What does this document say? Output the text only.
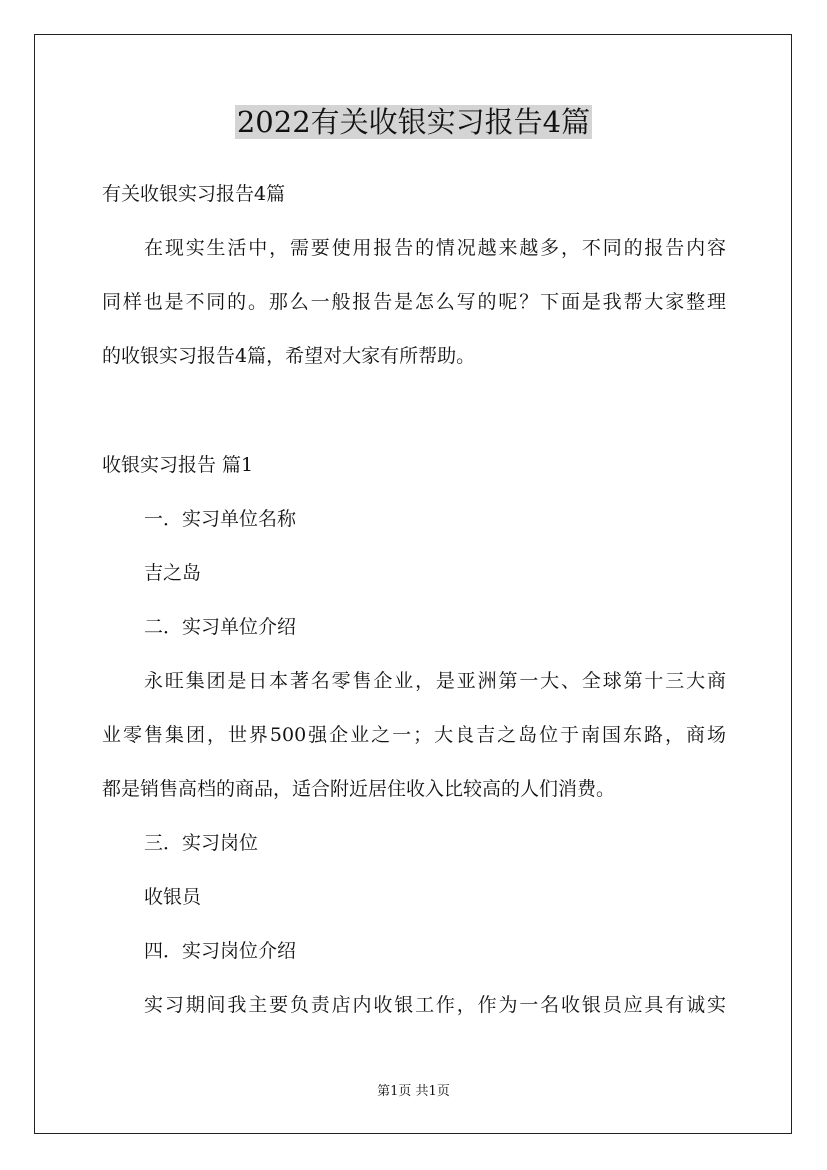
2022有关收银实习报告4篇
有关收银实习报告4篇
在现实生活中，需要使用报告的情况越来越多，不同的报告内容
同样也是不同的。那么一般报告是怎么写的呢？下面是我帮大家整理
的收银实习报告4篇，希望对大家有所帮助。
收银实习报告 篇1
一．实习单位名称
吉之岛
二．实习单位介绍
永旺集团是日本著名零售企业，是亚洲第一大、全球第十三大商
业零售集团，世界500强企业之一；大良吉之岛位于南国东路，商场
都是销售高档的商品，适合附近居住收入比较高的人们消费。
三．实习岗位
收银员
四．实习岗位介绍
实习期间我主要负责店内收银工作，作为一名收银员应具有诚实
第1页 共1页
